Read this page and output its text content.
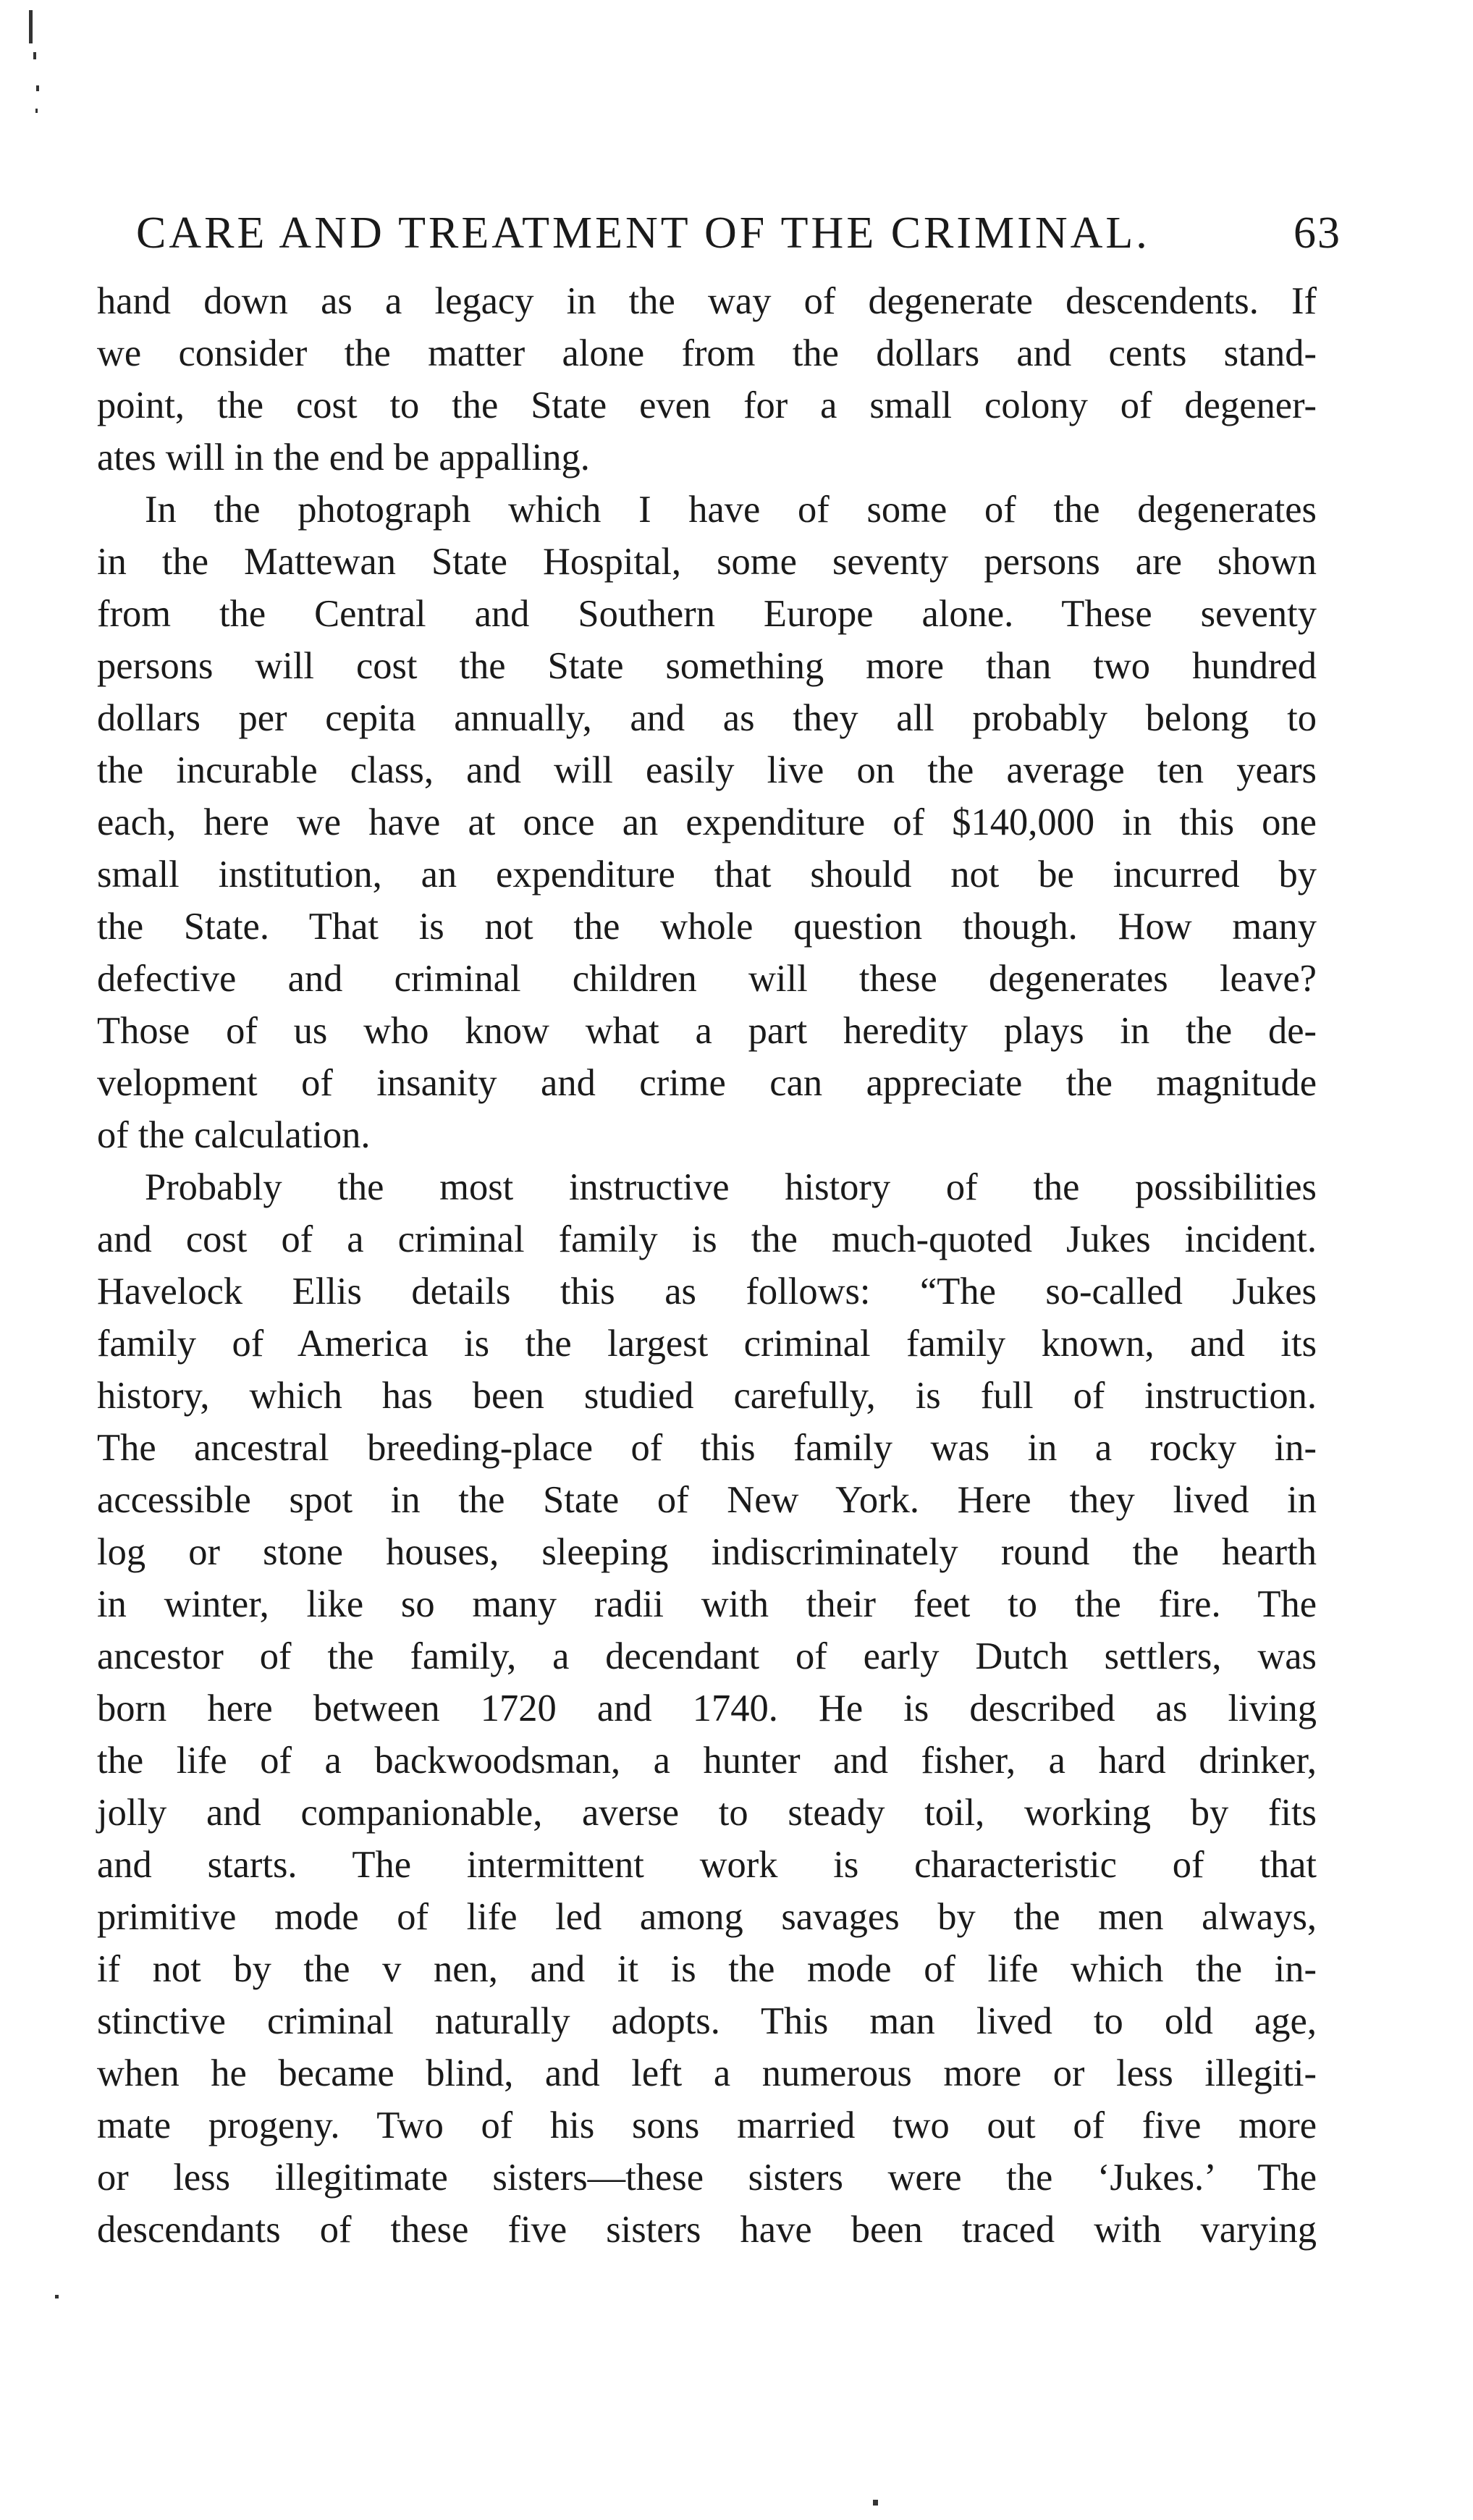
CARE AND TREATMENT OF THE CRIMINAL.	63
hand down as a legacy in the way of degenerate descendents. If
we consider the matter alone from the dollars and cents stand-
point, the cost to the State even for a small colony of degener-
ates will in the end be appalling.
In the photograph which I have of some of the degenerates
in the Mattewan State Hospital, some seventy persons are shown
from the Central and Southern Europe alone. These seventy
persons will cost the State something more than two hundred
dollars per cepita annually, and as they all probably belong to
the incurable class, and will easily live on the average ten years
each, here we have at once an expenditure of $140,000 in this one
small institution, an expenditure that should not be incurred by
the State. That is not the whole question though. How many
defective and criminal children will these degenerates leave?
Those of us who know what a part heredity plays in the de-
velopment of insanity and crime can appreciate the magnitude
of the calculation.
Probably the most instructive history of the possibilities
and cost of a criminal family is the much-quoted Jukes incident.
Havelock Ellis details this as follows: “The so-called Jukes
family of America is the largest criminal family known, and its
history, which has been studied carefully, is full of instruction.
The ancestral breeding-place of this family was in a rocky in-
accessible spot in the State of New York. Here they lived in
log or stone houses, sleeping indiscriminately round the hearth
in winter, like so many radii with their feet to the fire. The
ancestor of the family, a decendant of early Dutch settlers, was
born here between 1720 and 1740. He is described as living
the life of a backwoodsman, a hunter and fisher, a hard drinker,
jolly and companionable, averse to steady toil, working by fits
and starts. The intermittent work is characteristic of that
primitive mode of life led among savages by the men always,
if not by the v nen, and it is the mode of life which the in-
stinctive criminal naturally adopts. This man lived to old age,
when he became blind, and left a numerous more or less illegiti-
mate progeny. Two of his sons married two out of five more
or less illegitimate sisters—these sisters were the ‘Jukes.’ The
descendants of these five sisters have been traced with varying
